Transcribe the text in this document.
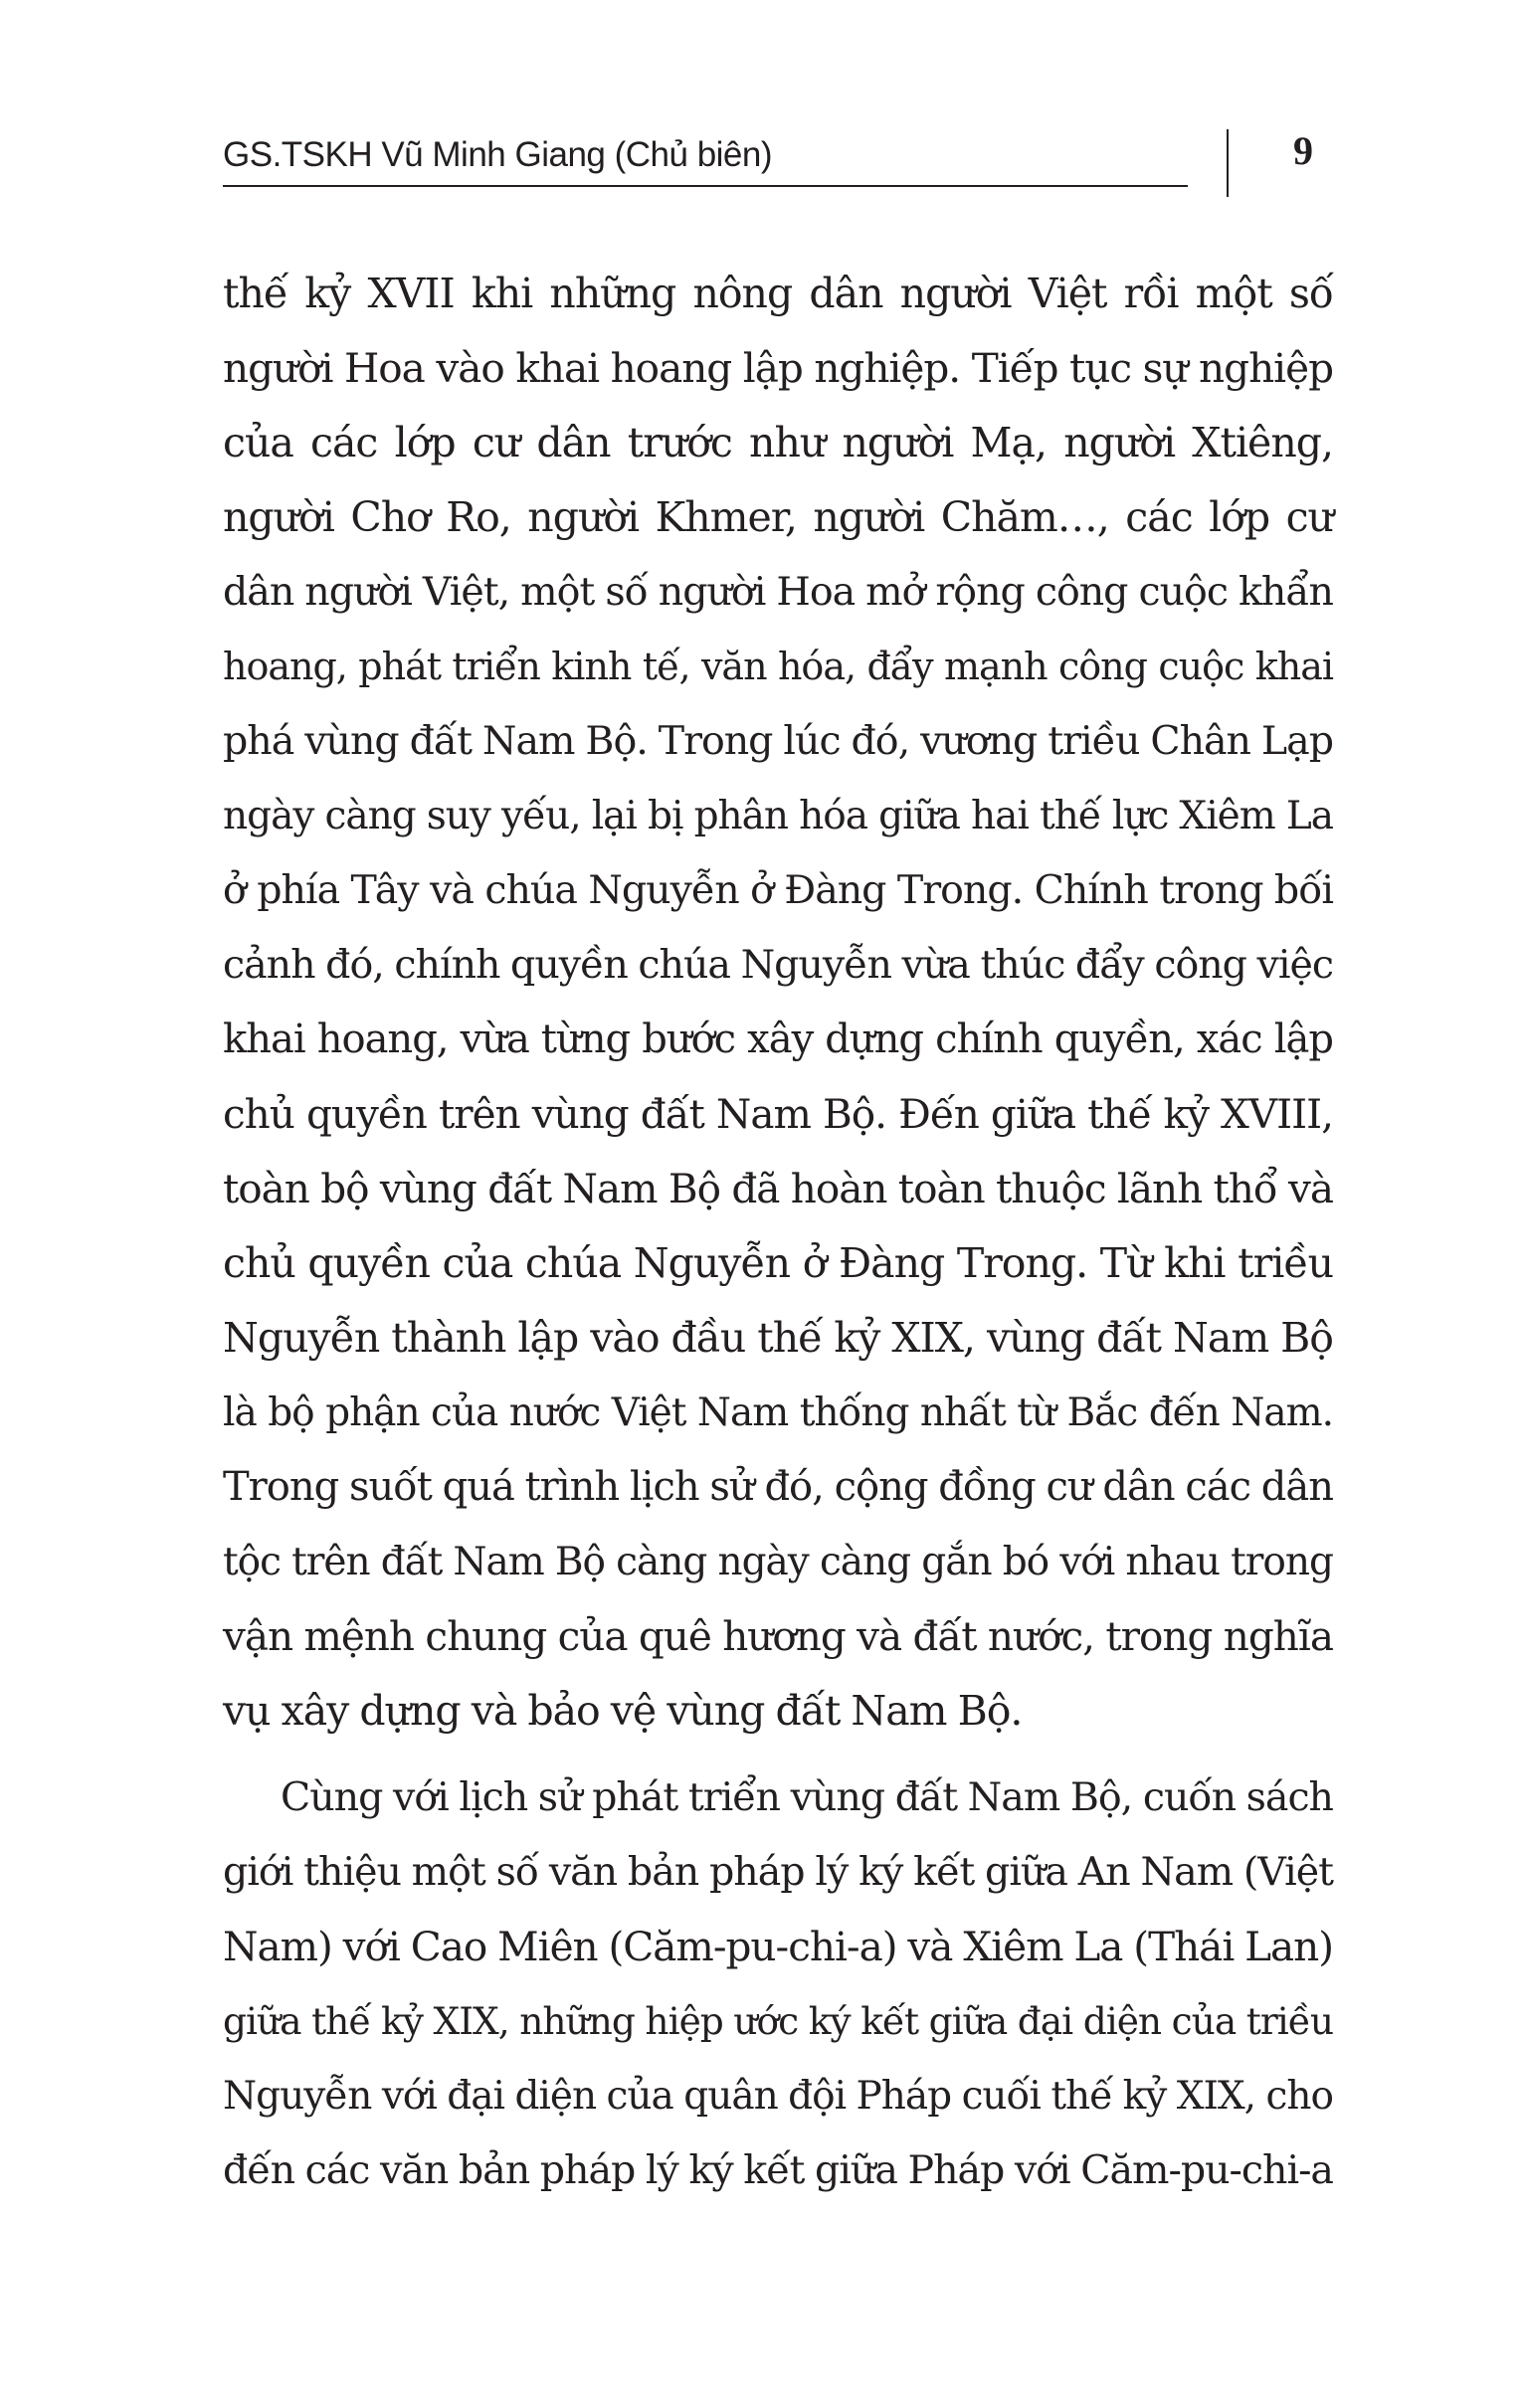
GS.TSKH Vũ Minh Giang (Chủ biên)	9
thế kỷ XVII khi những nông dân người Việt rồi một số
người Hoa vào khai hoang lập nghiệp. Tiếp tục sự nghiệp
của các lớp cư dân trước như người Mạ, người Xtiêng,
người Chơ Ro, người Khmer, người Chăm…, các lớp cư
dân người Việt, một số người Hoa mở rộng công cuộc khẩn
hoang, phát triển kinh tế, văn hóa, đẩy mạnh công cuộc khai
phá vùng đất Nam Bộ. Trong lúc đó, vương triều Chân Lạp
ngày càng suy yếu, lại bị phân hóa giữa hai thế lực Xiêm La
ở phía Tây và chúa Nguyễn ở Đàng Trong. Chính trong bối
cảnh đó, chính quyền chúa Nguyễn vừa thúc đẩy công việc
khai hoang, vừa từng bước xây dựng chính quyền, xác lập
chủ quyền trên vùng đất Nam Bộ. Đến giữa thế kỷ XVIII,
toàn bộ vùng đất Nam Bộ đã hoàn toàn thuộc lãnh thổ và
chủ quyền của chúa Nguyễn ở Đàng Trong. Từ khi triều
Nguyễn thành lập vào đầu thế kỷ XIX, vùng đất Nam Bộ
là bộ phận của nước Việt Nam thống nhất từ Bắc đến Nam.
Trong suốt quá trình lịch sử đó, cộng đồng cư dân các dân
tộc trên đất Nam Bộ càng ngày càng gắn bó với nhau trong
vận mệnh chung của quê hương và đất nước, trong nghĩa
vụ xây dựng và bảo vệ vùng đất Nam Bộ.
Cùng với lịch sử phát triển vùng đất Nam Bộ, cuốn sách
giới thiệu một số văn bản pháp lý ký kết giữa An Nam (Việt
Nam) với Cao Miên (Căm-pu-chi-a) và Xiêm La (Thái Lan)
giữa thế kỷ XIX, những hiệp ước ký kết giữa đại diện của triều
Nguyễn với đại diện của quân đội Pháp cuối thế kỷ XIX, cho
đến các văn bản pháp lý ký kết giữa Pháp với Căm-pu-chi-a
